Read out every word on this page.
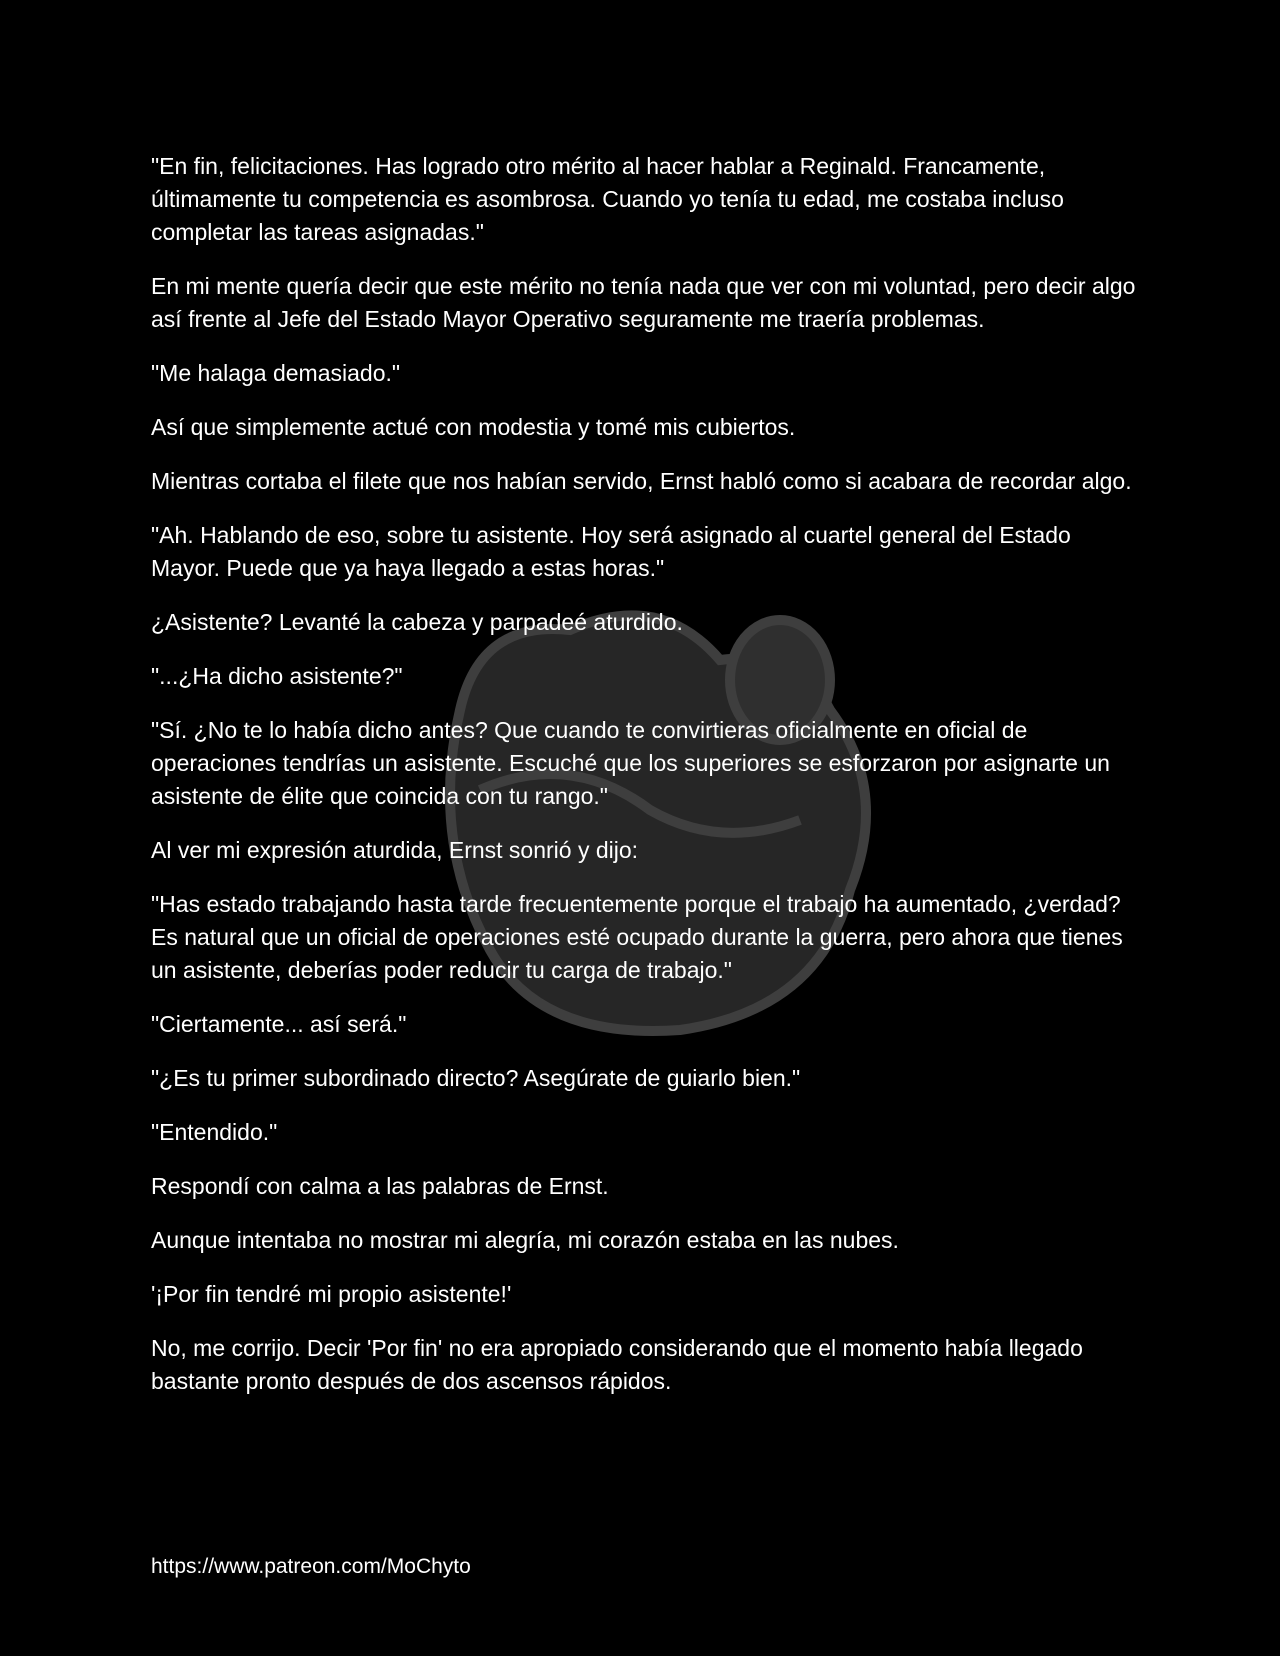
"En fin, felicitaciones. Has logrado otro mérito al hacer hablar a Reginald. Francamente, últimamente tu competencia es asombrosa. Cuando yo tenía tu edad, me costaba incluso completar las tareas asignadas."

En mi mente quería decir que este mérito no tenía nada que ver con mi voluntad, pero decir algo así frente al Jefe del Estado Mayor Operativo seguramente me traería problemas.

"Me halaga demasiado."

Así que simplemente actué con modestia y tomé mis cubiertos.

Mientras cortaba el filete que nos habían servido, Ernst habló como si acabara de recordar algo.

"Ah. Hablando de eso, sobre tu asistente. Hoy será asignado al cuartel general del Estado Mayor. Puede que ya haya llegado a estas horas."

¿Asistente? Levanté la cabeza y parpadeé aturdido.

"...¿Ha dicho asistente?"

"Sí. ¿No te lo había dicho antes? Que cuando te convirtieras oficialmente en oficial de operaciones tendrías un asistente. Escuché que los superiores se esforzaron por asignarte un asistente de élite que coincida con tu rango."

Al ver mi expresión aturdida, Ernst sonrió y dijo:

"Has estado trabajando hasta tarde frecuentemente porque el trabajo ha aumentado, ¿verdad? Es natural que un oficial de operaciones esté ocupado durante la guerra, pero ahora que tienes un asistente, deberías poder reducir tu carga de trabajo."

"Ciertamente... así será."

"¿Es tu primer subordinado directo? Asegúrate de guiarlo bien."

"Entendido."

Respondí con calma a las palabras de Ernst.

Aunque intentaba no mostrar mi alegría, mi corazón estaba en las nubes.

'¡Por fin tendré mi propio asistente!'

No, me corrijo. Decir 'Por fin' no era apropiado considerando que el momento había llegado bastante pronto después de dos ascensos rápidos.

https://www.patreon.com/MoChyto
